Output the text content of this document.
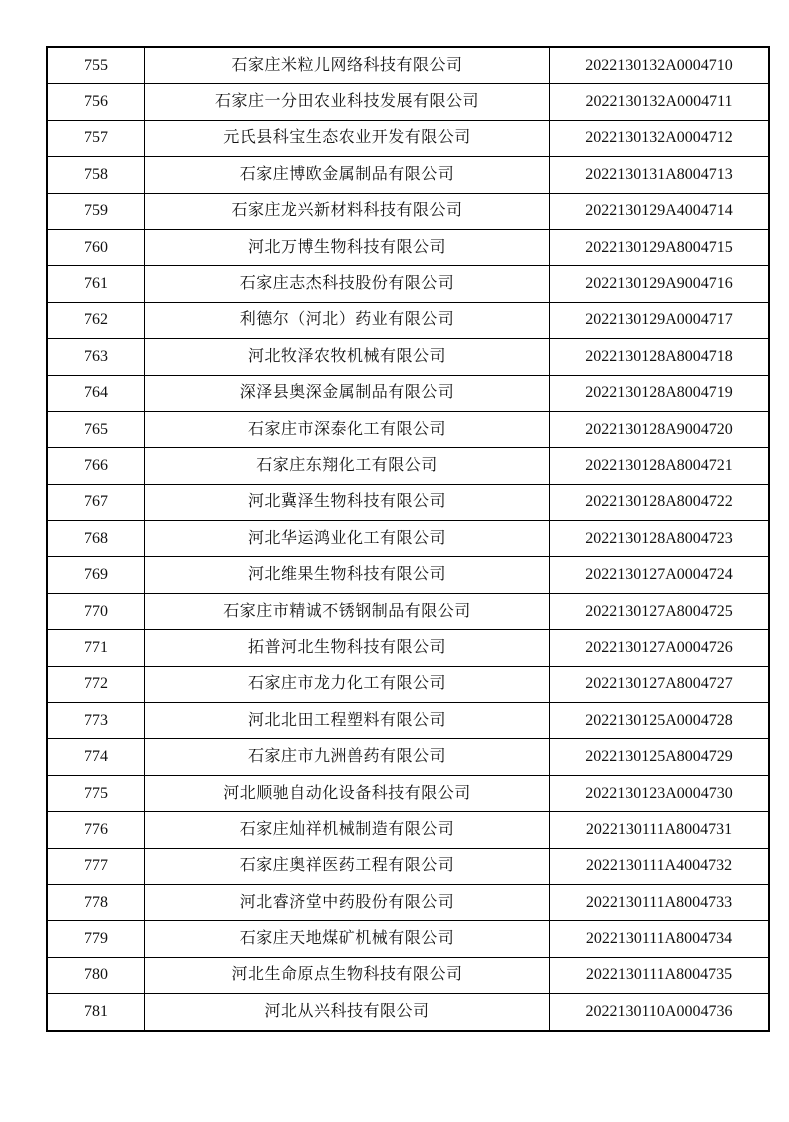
755	石家庄米粒儿网络科技有限公司	2022130132A0004710
756	石家庄一分田农业科技发展有限公司	2022130132A0004711
757	元氏县科宝生态农业开发有限公司	2022130132A0004712
758	石家庄博欧金属制品有限公司	2022130131A8004713
759	石家庄龙兴新材料科技有限公司	2022130129A4004714
760	河北万博生物科技有限公司	2022130129A8004715
761	石家庄志杰科技股份有限公司	2022130129A9004716
762	利德尔（河北）药业有限公司	2022130129A0004717
763	河北牧泽农牧机械有限公司	2022130128A8004718
764	深泽县奥深金属制品有限公司	2022130128A8004719
765	石家庄市深泰化工有限公司	2022130128A9004720
766	石家庄东翔化工有限公司	2022130128A8004721
767	河北冀泽生物科技有限公司	2022130128A8004722
768	河北华运鸿业化工有限公司	2022130128A8004723
769	河北维果生物科技有限公司	2022130127A0004724
770	石家庄市精诚不锈钢制品有限公司	2022130127A8004725
771	拓普河北生物科技有限公司	2022130127A0004726
772	石家庄市龙力化工有限公司	2022130127A8004727
773	河北北田工程塑料有限公司	2022130125A0004728
774	石家庄市九洲兽药有限公司	2022130125A8004729
775	河北顺驰自动化设备科技有限公司	2022130123A0004730
776	石家庄灿祥机械制造有限公司	2022130111A8004731
777	石家庄奥祥医药工程有限公司	2022130111A4004732
778	河北睿济堂中药股份有限公司	2022130111A8004733
779	石家庄天地煤矿机械有限公司	2022130111A8004734
780	河北生命原点生物科技有限公司	2022130111A8004735
781	河北从兴科技有限公司	2022130110A0004736
